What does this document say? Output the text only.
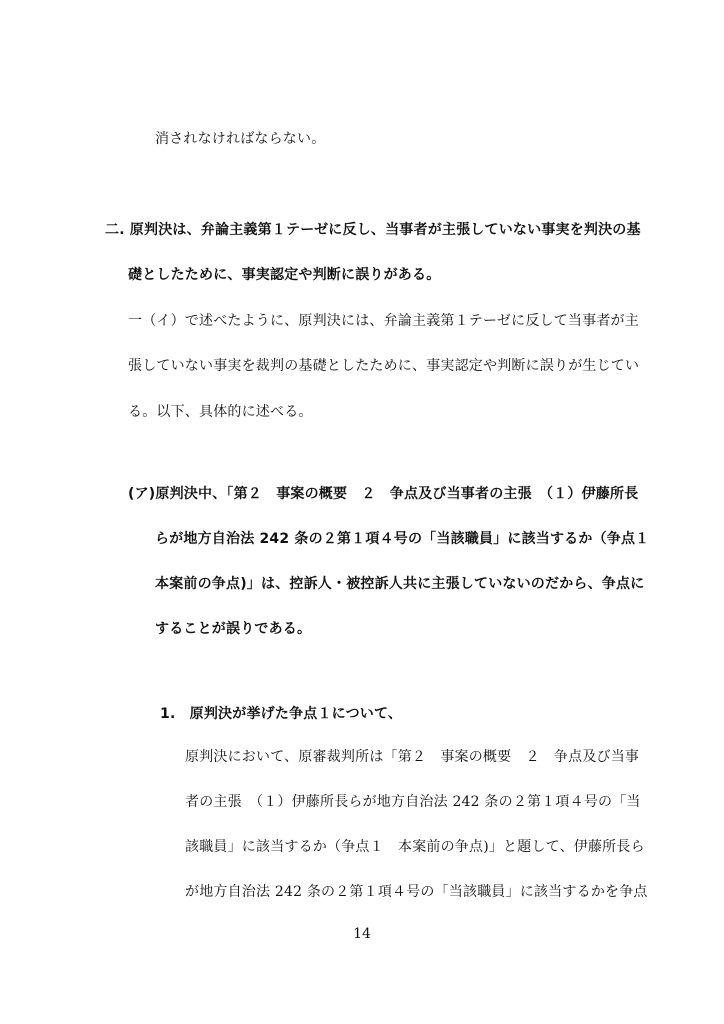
消されなければならない。
二. 原判決は、弁論主義第１テーゼに反し、当事者が主張していない事実を判決の基
礎としたために、事実認定や判断に誤りがある。
一（イ）で述べたように、原判決には、弁論主義第１テーゼに反して当事者が主
張していない事実を裁判の基礎としたために、事実認定や判断に誤りが生じてい
る。以下、具体的に述べる。
(ア)原判決中、「第２　事案の概要　２　争点及び当事者の主張　（１）伊藤所長
らが地方自治法 242 条の２第１項４号の「当該職員」に該当するか（争点１
本案前の争点)」は、控訴人・被控訴人共に主張していないのだから、争点に
することが誤りである。
1.　原判決が挙げた争点１について、
原判決において、原審裁判所は「第２　事案の概要　２　争点及び当事
者の主張　（１）伊藤所長らが地方自治法 242 条の２第１項４号の「当
該職員」に該当するか（争点１　本案前の争点)」と題して、伊藤所長ら
が地方自治法 242 条の２第１項４号の「当該職員」に該当するかを争点
14
